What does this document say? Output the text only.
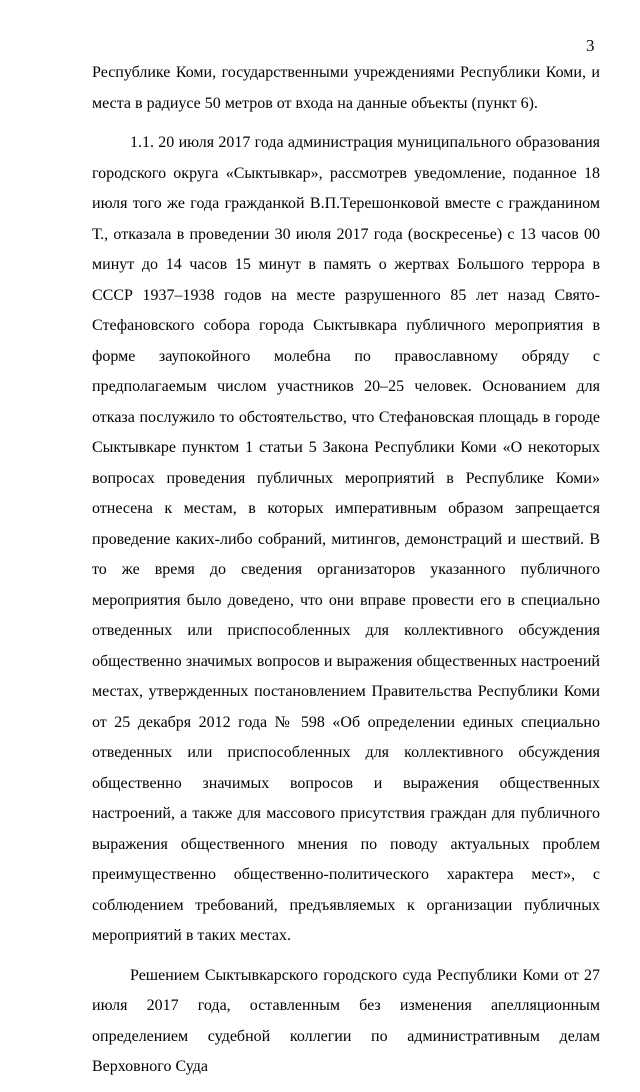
3

Республике Коми, государственными учреждениями Республики Коми, и места в радиусе 50 метров от входа на данные объекты (пункт 6).

1.1. 20 июля 2017 года администрация муниципального образования городского округа «Сыктывкар», рассмотрев уведомление, поданное 18 июля того же года гражданкой В.П.Терешонковой вместе с гражданином Т., отказала в проведении 30 июля 2017 года (воскресенье) с 13 часов 00 минут до 14 часов 15 минут в память о жертвах Большого террора в СССР 1937–1938 годов на месте разрушенного 85 лет назад Свято-Стефановского собора города Сыктывкара публичного мероприятия в форме заупокойного молебна по православному обряду с предполагаемым числом участников 20–25 человек. Основанием для отказа послужило то обстоятельство, что Стефановская площадь в городе Сыктывкаре пунктом 1 статьи 5 Закона Республики Коми «О некоторых вопросах проведения публичных мероприятий в Республике Коми» отнесена к местам, в которых императивным образом запрещается проведение каких-либо собраний, митингов, демонстраций и шествий. В то же время до сведения организаторов указанного публичного мероприятия было доведено, что они вправе провести его в специально отведенных или приспособленных для коллективного обсуждения общественно значимых вопросов и выражения общественных настроений местах, утвержденных постановлением Правительства Республики Коми от 25 декабря 2012 года № 598 «Об определении единых специально отведенных или приспособленных для коллективного обсуждения общественно значимых вопросов и выражения общественных настроений, а также для массового присутствия граждан для публичного выражения общественного мнения по поводу актуальных проблем преимущественно общественно-политического характера мест», с соблюдением требований, предъявляемых к организации публичных мероприятий в таких местах.

Решением Сыктывкарского городского суда Республики Коми от 27 июля 2017 года, оставленным без изменения апелляционным определением судебной коллегии по административным делам Верховного Суда
